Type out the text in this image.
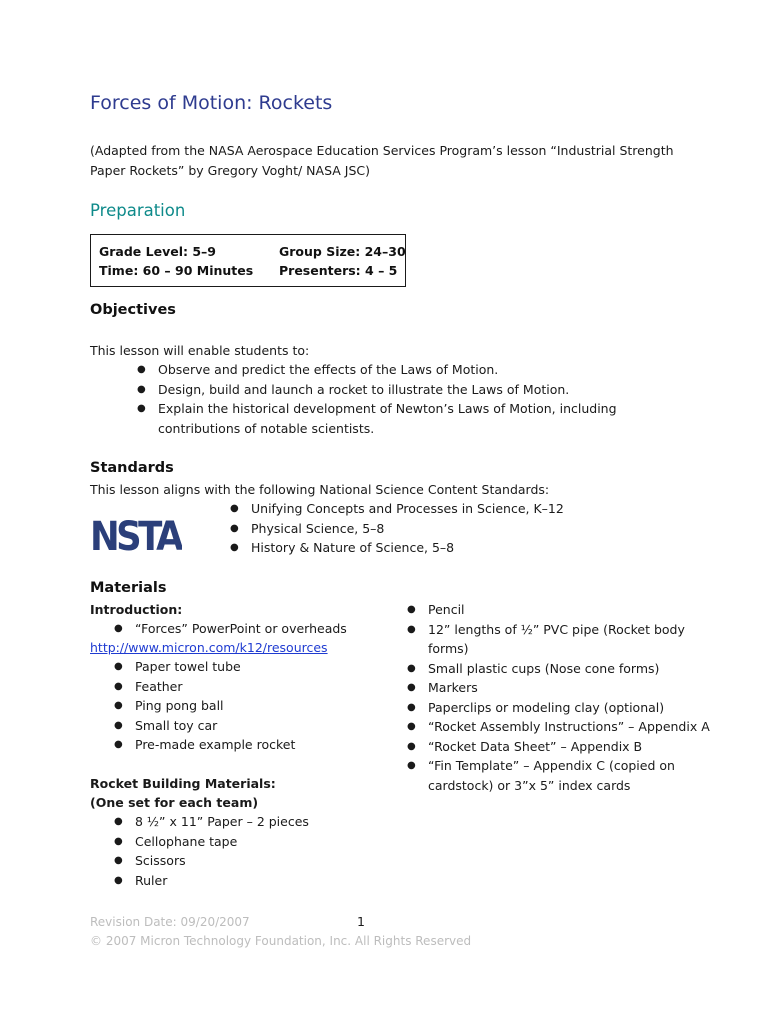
Forces of Motion: Rockets
(Adapted from the NASA Aerospace Education Services Program’s lesson “Industrial Strength
Paper Rockets” by Gregory Voght/ NASA JSC)
Preparation
Grade Level: 5–9	Group Size: 24–30
Time: 60 – 90 Minutes Presenters: 4 – 5
Objectives
This lesson will enable students to:
● Observe and predict the effects of the Laws of Motion.
● Design, build and launch a rocket to illustrate the Laws of Motion.
● Explain the historical development of Newton’s Laws of Motion, including
contributions of notable scientists.
Standards
This lesson aligns with the following National Science Content Standards:
NSTA
● Unifying Concepts and Processes in Science, K–12
● Physical Science, 5–8
● History & Nature of Science, 5–8
Materials
Introduction:
● “Forces” PowerPoint or overheads
http://www.micron.com/k12/resources
● Paper towel tube
● Feather
● Ping pong ball
● Small toy car
● Pre-made example rocket
Rocket Building Materials:
(One set for each team)
● 8 ½” x 11” Paper – 2 pieces
● Cellophane tape
● Scissors
● Ruler
● Pencil
● 12” lengths of ½” PVC pipe (Rocket body
forms)
● Small plastic cups (Nose cone forms)
● Markers
● Paperclips or modeling clay (optional)
● “Rocket Assembly Instructions” – Appendix A
● “Rocket Data Sheet” – Appendix B
● “Fin Template” – Appendix C (copied on
cardstock) or 3”x 5” index cards
Revision Date: 09/20/2007	1
© 2007 Micron Technology Foundation, Inc. All Rights Reserved
